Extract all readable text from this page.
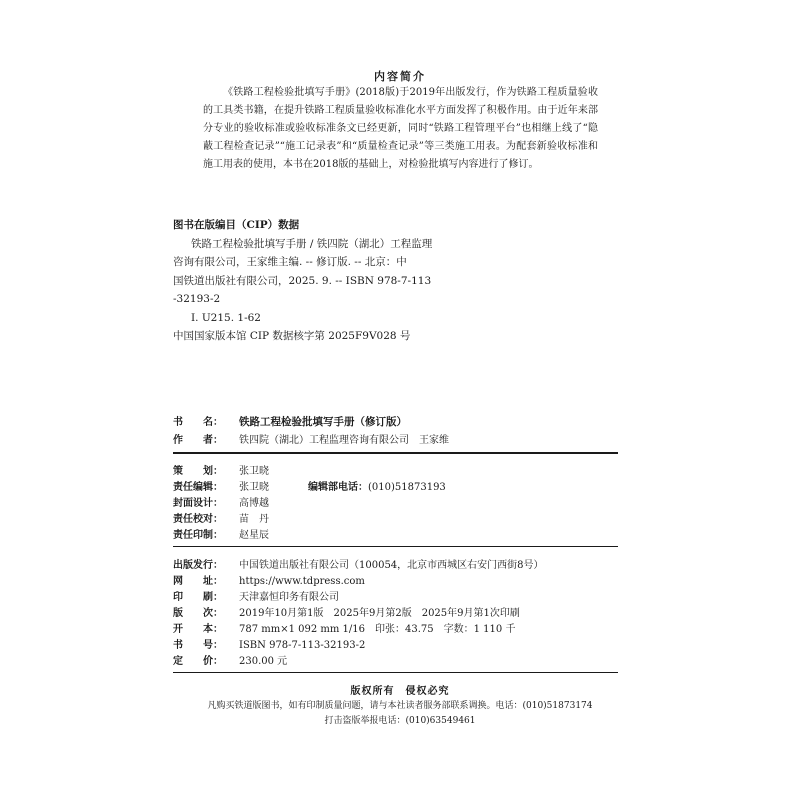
内容简介
《铁路工程检验批填写手册》(2018版)于2019年出版发行，作为铁路工程质量验收的工具类书籍，在提升铁路工程质量验收标准化水平方面发挥了积极作用。由于近年来部分专业的验收标准或验收标准条文已经更新，同时“铁路工程管理平台”也相继上线了“隐蔽工程检查记录”“施工记录表”和“质量检查记录”等三类施工用表。为配套新验收标准和施工用表的使用，本书在2018版的基础上，对检验批填写内容进行了修订。
图书在版编目（CIP）数据
铁路工程检验批填写手册 / 铁四院（湖北）工程监理
咨询有限公司，王家维主编. -- 修订版. -- 北京：中
国铁道出版社有限公司，2025. 9. -- ISBN 978-7-113
-32193-2
Ⅰ. U215. 1-62
中国国家版本馆 CIP 数据核字第 2025F9V028 号
书　　名： 铁路工程检验批填写手册（修订版）
作　　者： 铁四院（湖北）工程监理咨询有限公司　王家维
策　　划： 张卫晓
责任编辑： 张卫晓	编辑部电话：(010)51873193
封面设计： 高博越
责任校对： 苗　丹
责任印制： 赵星辰
出版发行： 中国铁道出版社有限公司（100054，北京市西城区右安门西街8号）
网　　址： https://www.tdpress.com
印　　刷： 天津嘉恒印务有限公司
版　　次： 2019年10月第1版　2025年9月第2版　2025年9月第1次印刷
开　　本： 787 mm×1 092 mm 1/16　印张：43.75　字数：1 110 千
书　　号： ISBN 978-7-113-32193-2
定　　价： 230.00 元
版权所有　侵权必究
凡购买铁道版图书，如有印制质量问题，请与本社读者服务部联系调换。电话：(010)51873174
打击盗版举报电话：(010)63549461
